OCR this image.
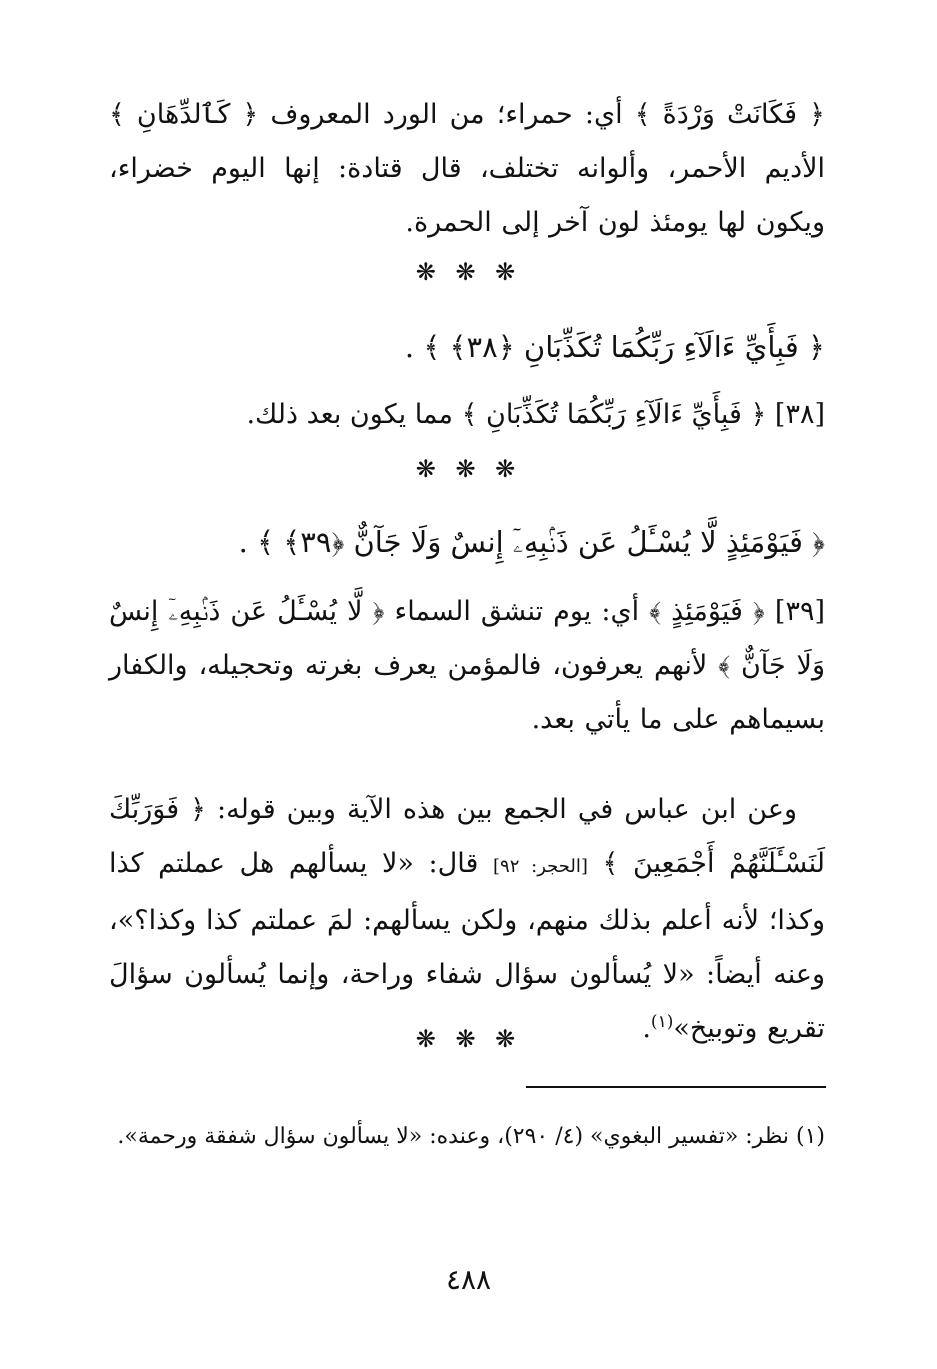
﴿ فَكَانَتْ وَرْدَةً ﴾ أي: حمراء؛ من الورد المعروف ﴿ كَٱلدِّهَانِ ﴾ الأديم الأحمر، وألوانه تختلف، قال قتادة: إنها اليوم خضراء، ويكون لها يومئذ لون آخر إلى الحمرة.

❋ ❋ ❋
﴿ فَبِأَيِّ ءَالَآءِ رَبِّكُمَا تُكَذِّبَانِ ﴿٣٨﴾ ﴾ .
[٣٨] ﴿ فَبِأَيِّ ءَالَآءِ رَبِّكُمَا تُكَذِّبَانِ ﴾ مما يكون بعد ذلك.
❋ ❋ ❋
﴿ فَيَوْمَئِذٍ لَّا يُسْـَٔلُ عَن ذَنۢبِهِۦٓ إِنسٌ وَلَا جَآنٌّ ﴿٣٩﴾ ﴾ .

[٣٩] ﴿ فَيَوْمَئِذٍ ﴾ أي: يوم تنشق السماء ﴿ لَّا يُسْـَٔلُ عَن ذَنۢبِهِۦٓ إِنسٌ وَلَا جَآنٌّ ﴾ لأنهم يعرفون، فالمؤمن يعرف بغرته وتحجيله، والكفار بسيماهم على ما يأتي بعد.

وعن ابن عباس في الجمع بين هذه الآية وبين قوله: ﴿ فَوَرَبِّكَ لَنَسْـَٔلَنَّهُمْ أَجْمَعِينَ ﴾ [الحجر: ٩٢] قال: «لا يسألهم هل عملتم كذا وكذا؛ لأنه أعلم بذلك منهم، ولكن يسألهم: لمَ عملتم كذا وكذا؟»، وعنه أيضاً: «لا يُسألون سؤال شفاء وراحة، وإنما يُسألون سؤالَ تقريع وتوبيخ»$^{(١)}$.

❋ ❋ ❋

(١) نظر: «تفسير البغوي» (٤/ ٢٩٠)، وعنده: «لا يسألون سؤال شفقة ورحمة».

٤٨٨
